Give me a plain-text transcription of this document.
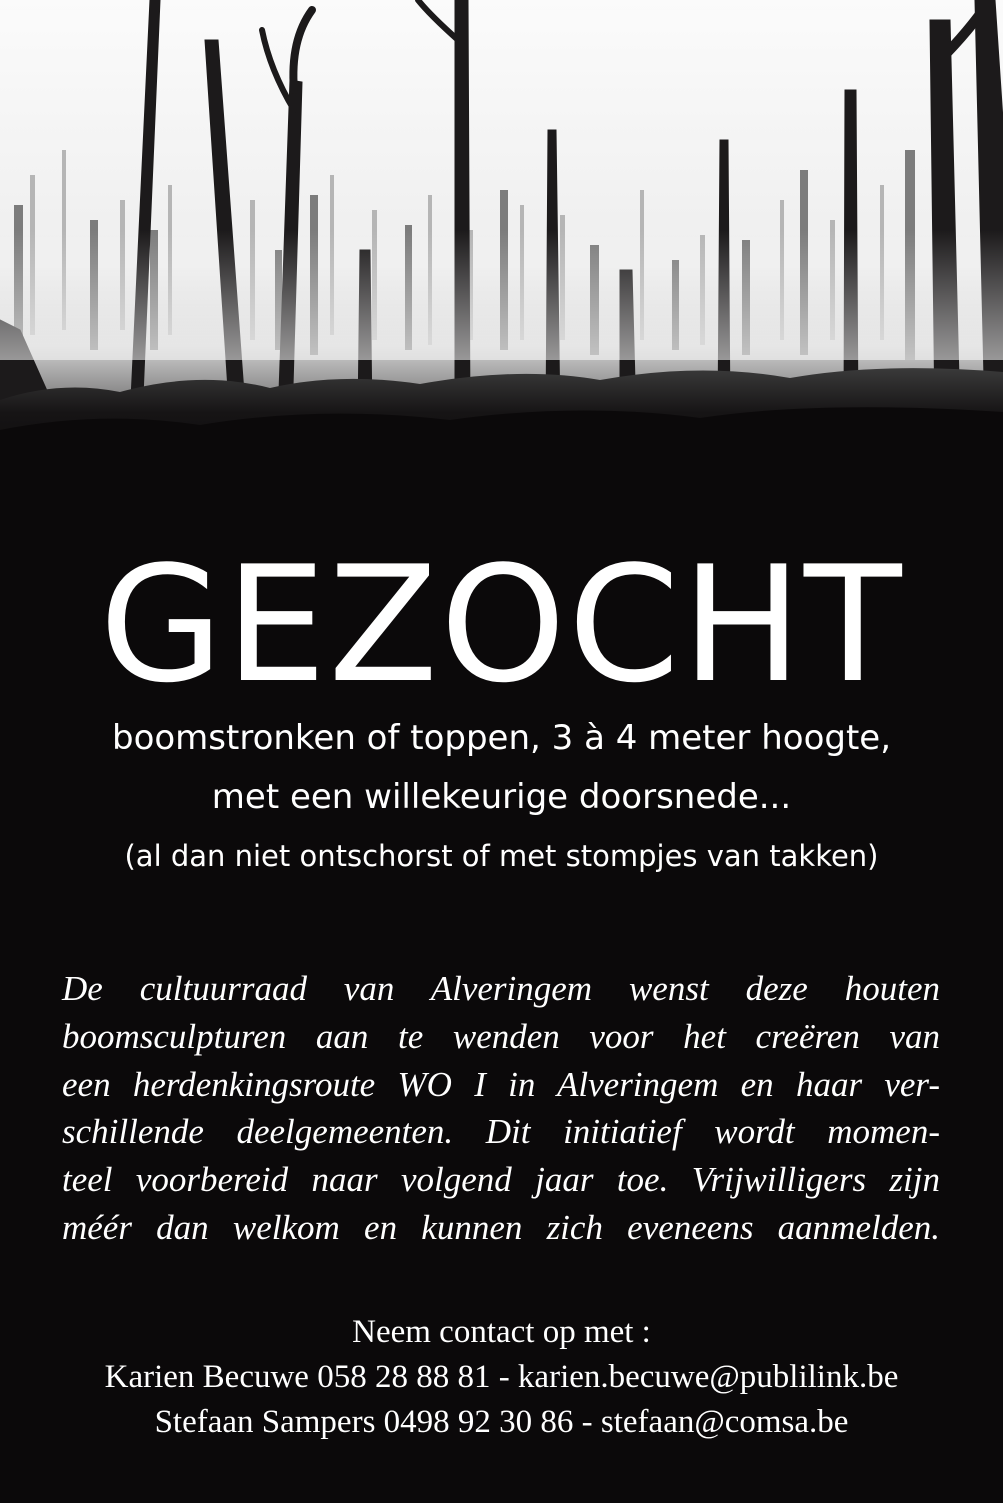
GEZOCHT

boomstronken of toppen, 3 à 4 meter hoogte,

met een willekeurige doorsnede...

(al dan niet ontschorst of met stompjes van takken)

De cultuurraad van Alveringem wenst deze houten
boomsculpturen aan te wenden voor het creëren van
een herdenkingsroute WO I in Alveringem en haar ver-
schillende deelgemeenten. Dit initiatief wordt momen-
teel voorbereid naar volgend jaar toe. Vrijwilligers zijn
méér dan welkom en kunnen zich eveneens aanmelden.
Neem contact op met :
Karien Becuwe 058 28 88 81 - karien.becuwe@publilink.be
Stefaan Sampers 0498 92 30 86 - stefaan@comsa.be
